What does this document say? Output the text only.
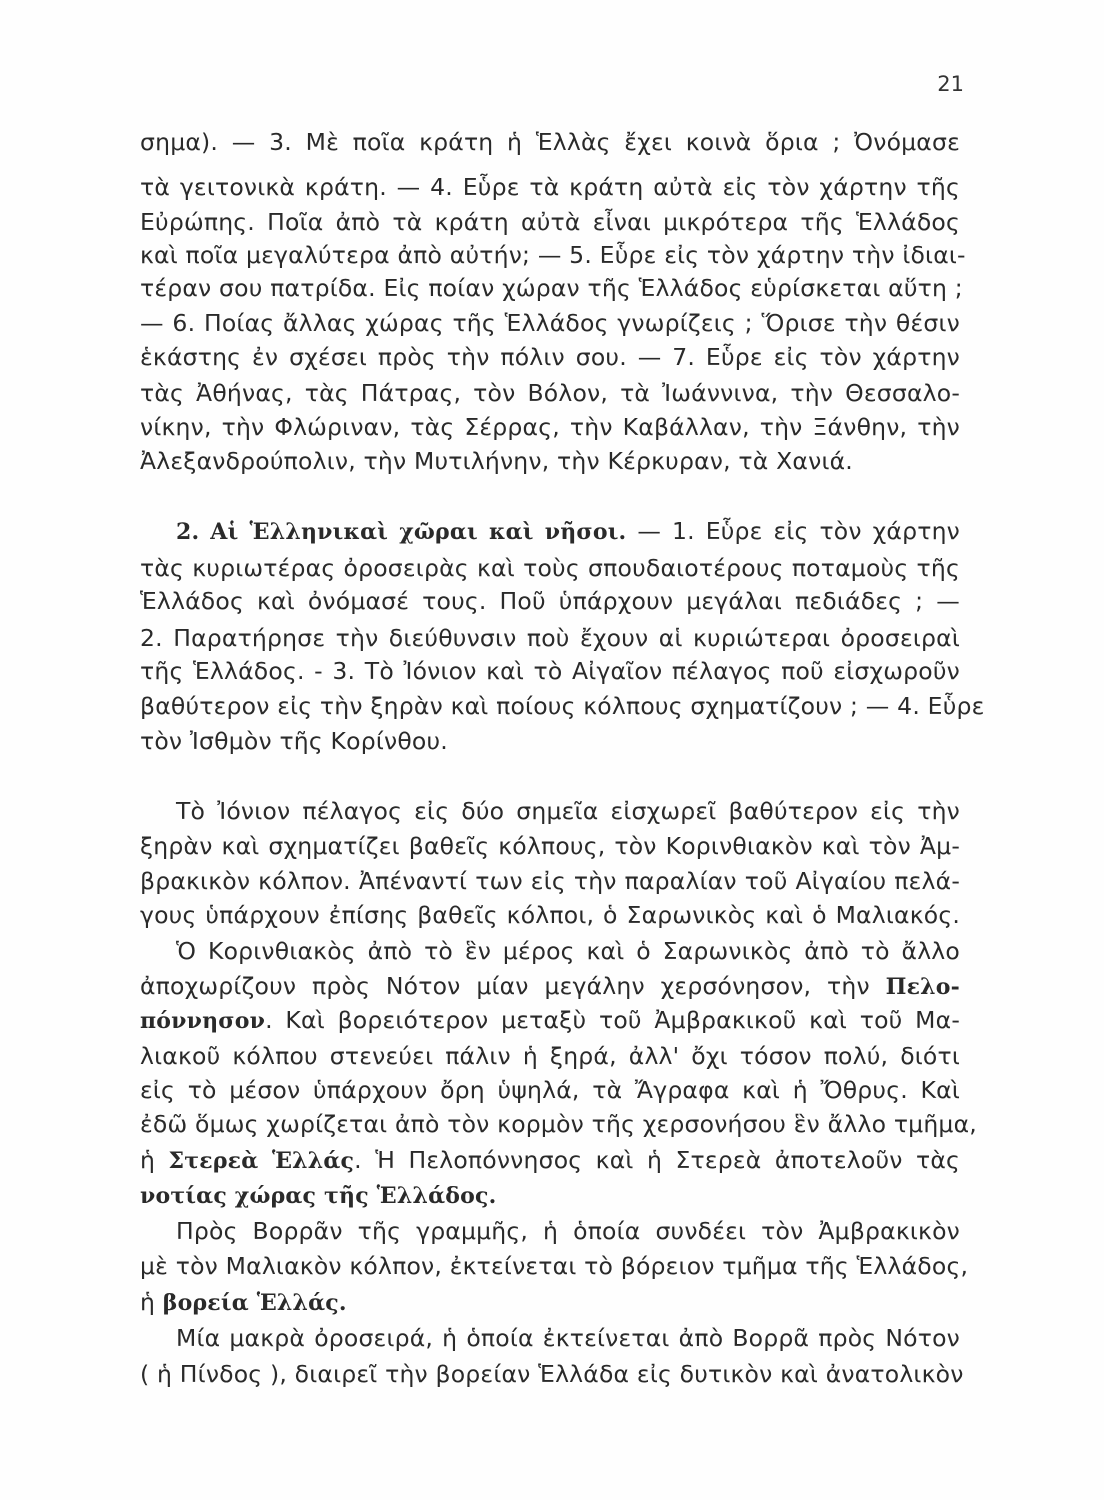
21
σημα). — 3. Μὲ ποῖα κράτη ἡ Ἑλλὰς ἔχει κοινὰ ὅρια ; Ὀνόμασε
τὰ γειτονικὰ κράτη. — 4. Εὗρε τὰ κράτη αὐτὰ εἰς τὸν χάρτην τῆς
Εὐρώπης. Ποῖα ἀπὸ τὰ κράτη αὐτὰ εἶναι μικρότερα τῆς Ἑλλάδος
καὶ ποῖα μεγαλύτερα ἀπὸ αὐτήν; — 5. Εὗρε εἰς τὸν χάρτην τὴν ἰδιαι-
τέραν σου πατρίδα. Εἰς ποίαν χώραν τῆς Ἑλλάδος εὑρίσκεται αὕτη ;
— 6. Ποίας ἄλλας χώρας τῆς Ἑλλάδος γνωρίζεις ; Ὅρισε τὴν θέσιν
ἑκάστης ἐν σχέσει πρὸς τὴν πόλιν σου. — 7. Εὗρε εἰς τὸν χάρτην
τὰς Ἀθήνας, τὰς Πάτρας, τὸν Βόλον, τὰ Ἰωάννινα, τὴν Θεσσαλο-
νίκην, τὴν Φλώριναν, τὰς Σέρρας, τὴν Καβάλλαν, τὴν Ξάνθην, τὴν
Ἀλεξανδρούπολιν, τὴν Μυτιλήνην, τὴν Κέρκυραν, τὰ Χανιά.
2. Αἱ Ἑλληνικαὶ χῶραι καὶ νῆσοι. — 1. Εὗρε εἰς τὸν χάρτην
τὰς κυριωτέρας ὀροσειρὰς καὶ τοὺς σπουδαιοτέρους ποταμοὺς τῆς
Ἑλλάδος καὶ ὀνόμασέ τους. Ποῦ ὑπάρχουν μεγάλαι πεδιάδες ; —
2. Παρατήρησε τὴν διεύθυνσιν ποὺ ἔχουν αἱ κυριώτεραι ὀροσειραὶ
τῆς Ἑλλάδος. - 3. Τὸ Ἰόνιον καὶ τὸ Αἰγαῖον πέλαγος ποῦ εἰσχωροῦν
βαθύτερον εἰς τὴν ξηρὰν καὶ ποίους κόλπους σχηματίζουν ; — 4. Εὗρε
τὸν Ἰσθμὸν τῆς Κορίνθου.
Τὸ Ἰόνιον πέλαγος εἰς δύο σημεῖα εἰσχωρεῖ βαθύτερον εἰς τὴν
ξηρὰν καὶ σχηματίζει βαθεῖς κόλπους, τὸν Κορινθιακὸν καὶ τὸν Ἀμ-
βρακικὸν κόλπον. Ἀπέναντί των εἰς τὴν παραλίαν τοῦ Αἰγαίου πελά-
γους ὑπάρχουν ἐπίσης βαθεῖς κόλποι, ὁ Σαρωνικὸς καὶ ὁ Μαλιακός.
Ὁ Κορινθιακὸς ἀπὸ τὸ ἓν μέρος καὶ ὁ Σαρωνικὸς ἀπὸ τὸ ἄλλο
ἀποχωρίζουν πρὸς Νότον μίαν μεγάλην χερσόνησον, τὴν Πελο-
πόννησον. Καὶ βορειότερον μεταξὺ τοῦ Ἀμβρακικοῦ καὶ τοῦ Μα-
λιακοῦ κόλπου στενεύει πάλιν ἡ ξηρά, ἀλλ' ὄχι τόσον πολύ, διότι
εἰς τὸ μέσον ὑπάρχουν ὄρη ὑψηλά, τὰ Ἄγραφα καὶ ἡ Ὄθρυς. Καὶ
ἐδῶ ὅμως χωρίζεται ἀπὸ τὸν κορμὸν τῆς χερσονήσου ἓν ἄλλο τμῆμα,
ἡ Στερεὰ Ἑλλάς. Ἡ Πελοπόννησος καὶ ἡ Στερεὰ ἀποτελοῦν τὰς
νοτίας χώρας τῆς Ἑλλάδος.
Πρὸς Βορρᾶν τῆς γραμμῆς, ἡ ὁποία συνδέει τὸν Ἀμβρακικὸν
μὲ τὸν Μαλιακὸν κόλπον, ἐκτείνεται τὸ βόρειον τμῆμα τῆς Ἑλλάδος,
ἡ βορεία Ἑλλάς.
Μία μακρὰ ὀροσειρά, ἡ ὁποία ἐκτείνεται ἀπὸ Βορρᾶ πρὸς Νότον
( ἡ Πίνδος ), διαιρεῖ τὴν βορείαν Ἑλλάδα εἰς δυτικὸν καὶ ἀνατολικὸν
